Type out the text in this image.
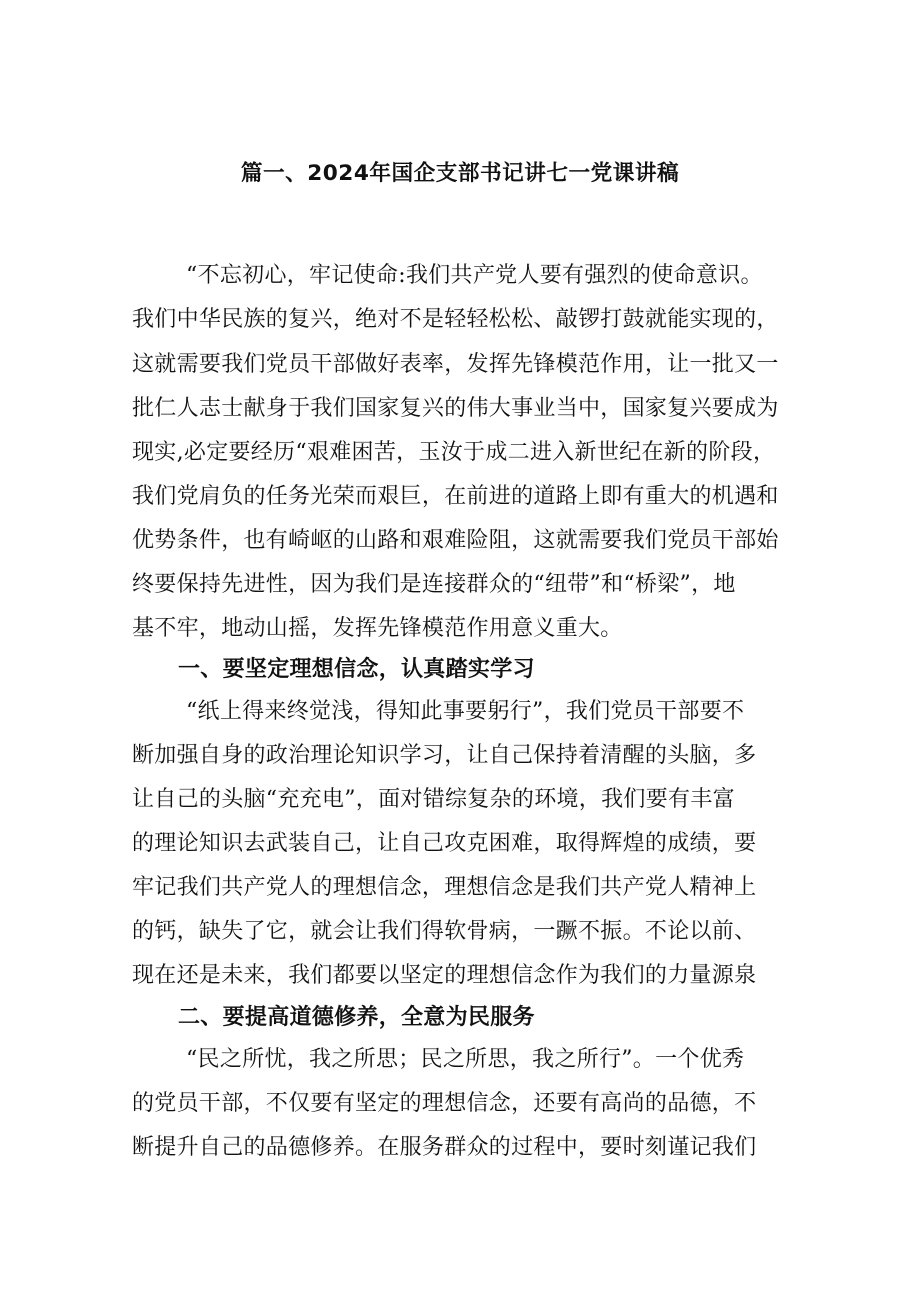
篇一、2024年国企支部书记讲七一党课讲稿
“不忘初心，牢记使命:我们共产党人要有强烈的使命意识。
我们中华民族的复兴，绝对不是轻轻松松、敲锣打鼓就能实现的，
这就需要我们党员干部做好表率，发挥先锋模范作用，让一批又一
批仁人志士献身于我们国家复兴的伟大事业当中，国家复兴要成为
现实,必定要经历“艰难困苦，玉汝于成二进入新世纪在新的阶段，
我们党肩负的任务光荣而艰巨，在前进的道路上即有重大的机遇和
优势条件，也有崎岖的山路和艰难险阻，这就需要我们党员干部始
终要保持先进性，因为我们是连接群众的“纽带”和“桥梁”，地
基不牢，地动山摇，发挥先锋模范作用意义重大。
一、要坚定理想信念，认真踏实学习
“纸上得来终觉浅，得知此事要躬行”，我们党员干部要不
断加强自身的政治理论知识学习，让自己保持着清醒的头脑，多
让自己的头脑“充充电”，面对错综复杂的环境，我们要有丰富
的理论知识去武装自己，让自己攻克困难，取得辉煌的成绩，要
牢记我们共产党人的理想信念，理想信念是我们共产党人精神上
的钙，缺失了它，就会让我们得软骨病，一蹶不振。不论以前、
现在还是未来，我们都要以坚定的理想信念作为我们的力量源泉
二、要提高道德修养，全意为民服务
“民之所忧，我之所思；民之所思，我之所行”。一个优秀
的党员干部，不仅要有坚定的理想信念，还要有高尚的品德，不
断提升自己的品德修养。在服务群众的过程中，要时刻谨记我们
